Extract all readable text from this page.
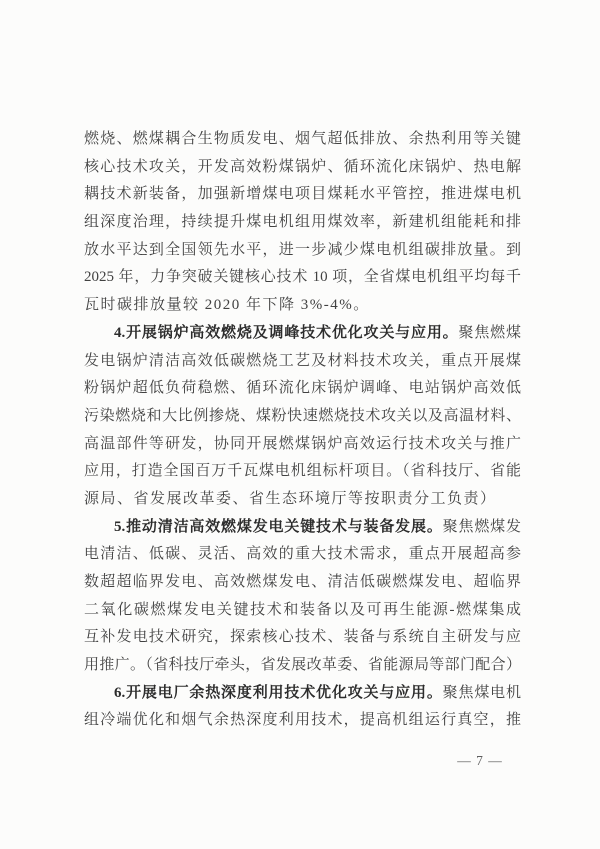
燃烧、燃煤耦合生物质发电、烟气超低排放、余热利用等关键
核心技术攻关，开发高效粉煤锅炉、循环流化床锅炉、热电解
耦技术新装备，加强新增煤电项目煤耗水平管控，推进煤电机
组深度治理，持续提升煤电机组用煤效率，新建机组能耗和排
放水平达到全国领先水平，进一步减少煤电机组碳排放量。到
2025 年，力争突破关键核心技术 10 项，全省煤电机组平均每千
瓦时碳排放量较 2020 年下降 3%-4%。
4.开展锅炉高效燃烧及调峰技术优化攻关与应用。聚焦燃煤
发电锅炉清洁高效低碳燃烧工艺及材料技术攻关，重点开展煤
粉锅炉超低负荷稳燃、循环流化床锅炉调峰、电站锅炉高效低
污染燃烧和大比例掺烧、煤粉快速燃烧技术攻关以及高温材料、
高温部件等研发，协同开展燃煤锅炉高效运行技术攻关与推广
应用，打造全国百万千瓦煤电机组标杆项目。（省科技厅、省能
源局、省发展改革委、省生态环境厅等按职责分工负责）
5.推动清洁高效燃煤发电关键技术与装备发展。聚焦燃煤发
电清洁、低碳、灵活、高效的重大技术需求，重点开展超高参
数超超临界发电、高效燃煤发电、清洁低碳燃煤发电、超临界
二氧化碳燃煤发电关键技术和装备以及可再生能源-燃煤集成
互补发电技术研究，探索核心技术、装备与系统自主研发与应
用推广。（省科技厅牵头，省发展改革委、省能源局等部门配合）
6.开展电厂余热深度利用技术优化攻关与应用。聚焦煤电机
组冷端优化和烟气余热深度利用技术，提高机组运行真空，推
— 7 —
